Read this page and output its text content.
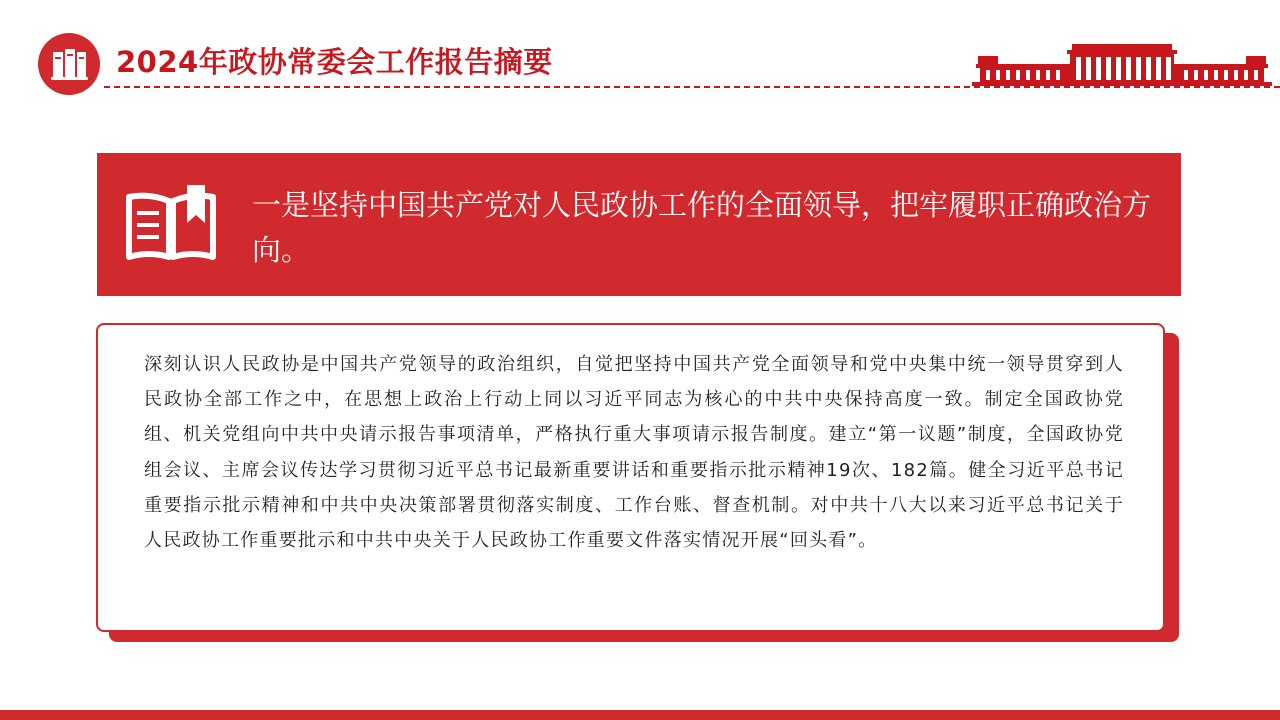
2024年政协常委会工作报告摘要
一是坚持中国共产党对人民政协工作的全面领导，把牢履职正确政治方向。
深刻认识人民政协是中国共产党领导的政治组织，自觉把坚持中国共产党全面领导和党中央集中统一领导贯穿到人民政协全部工作之中，在思想上政治上行动上同以习近平同志为核心的中共中央保持高度一致。制定全国政协党组、机关党组向中共中央请示报告事项清单，严格执行重大事项请示报告制度。建立“第一议题”制度，全国政协党组会议、主席会议传达学习贯彻习近平总书记最新重要讲话和重要指示批示精神19次、182篇。健全习近平总书记重要指示批示精神和中共中央决策部署贯彻落实制度、工作台账、督查机制。对中共十八大以来习近平总书记关于人民政协工作重要批示和中共中央关于人民政协工作重要文件落实情况开展“回头看”。
